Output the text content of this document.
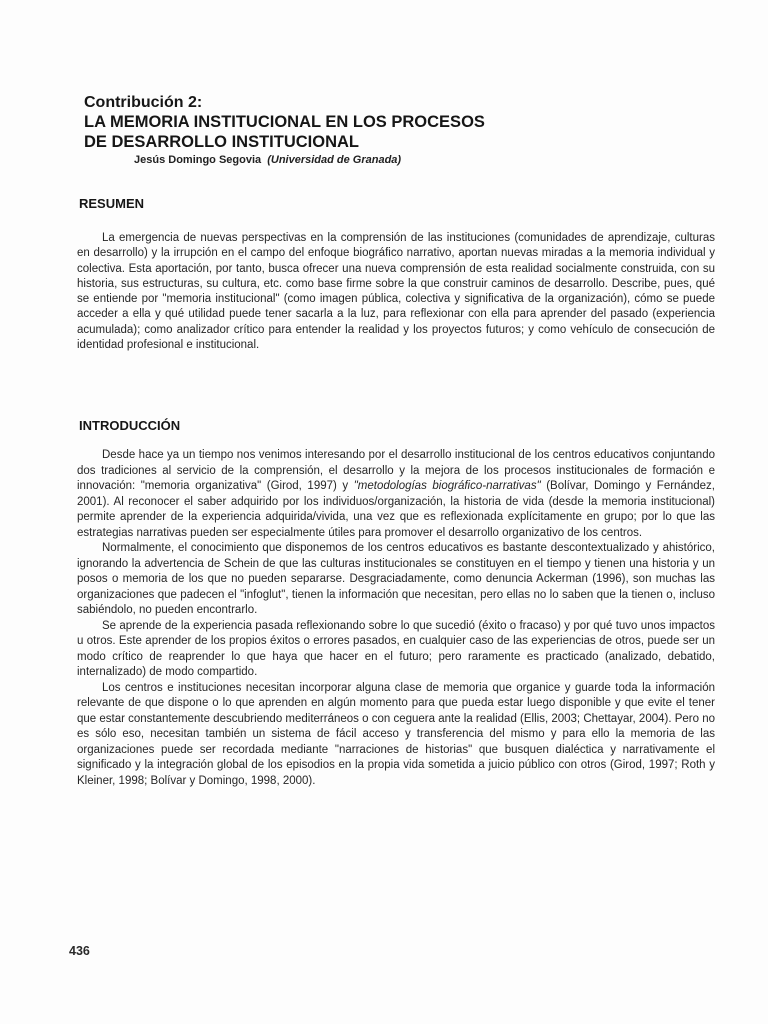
Contribución 2:
LA MEMORIA INSTITUCIONAL EN LOS PROCESOS
DE DESARROLLO INSTITUCIONAL
Jesús Domingo Segovia (Universidad de Granada)
RESUMEN

La emergencia de nuevas perspectivas en la comprensión de las instituciones (comunidades de aprendizaje, culturas en desarrollo) y la irrupción en el campo del enfoque biográfico narrativo, aportan nuevas miradas a la memoria individual y colectiva. Esta aportación, por tanto, busca ofrecer una nueva comprensión de esta realidad socialmente construida, con su historia, sus estructuras, su cultura, etc. como base firme sobre la que construir caminos de desarrollo. Describe, pues, qué se entiende por "memoria institucional" (como imagen pública, colectiva y significativa de la organización), cómo se puede acceder a ella y qué utilidad puede tener sacarla a la luz, para reflexionar con ella para aprender del pasado (experiencia acumulada); como analizador crítico para entender la realidad y los proyectos futuros; y como vehículo de consecución de identidad profesional e institucional.

INTRODUCCIÓN

Desde hace ya un tiempo nos venimos interesando por el desarrollo institucional de los centros educativos conjuntando dos tradiciones al servicio de la comprensión, el desarrollo y la mejora de los procesos institucionales de formación e innovación: "memoria organizativa" (Girod, 1997) y "metodologías biográfico-narrativas" (Bolívar, Domingo y Fernández, 2001). Al reconocer el saber adquirido por los individuos/organización, la historia de vida (desde la memoria institucional) permite aprender de la experiencia adquirida/vivida, una vez que es reflexionada explícitamente en grupo; por lo que las estrategias narrativas pueden ser especialmente útiles para promover el desarrollo organizativo de los centros.

Normalmente, el conocimiento que disponemos de los centros educativos es bastante descontextualizado y ahistórico, ignorando la advertencia de Schein de que las culturas institucionales se constituyen en el tiempo y tienen una historia y un posos o memoria de los que no pueden separarse. Desgraciadamente, como denuncia Ackerman (1996), son muchas las organizaciones que padecen el "infoglut", tienen la información que necesitan, pero ellas no lo saben que la tienen o, incluso sabiéndolo, no pueden encontrarlo.

Se aprende de la experiencia pasada reflexionando sobre lo que sucedió (éxito o fracaso) y por qué tuvo unos impactos u otros. Este aprender de los propios éxitos o errores pasados, en cualquier caso de las experiencias de otros, puede ser un modo crítico de reaprender lo que haya que hacer en el futuro; pero raramente es practicado (analizado, debatido, internalizado) de modo compartido.

Los centros e instituciones necesitan incorporar alguna clase de memoria que organice y guarde toda la información relevante de que dispone o lo que aprenden en algún momento para que pueda estar luego disponible y que evite el tener que estar constantemente descubriendo mediterráneos o con ceguera ante la realidad (Ellis, 2003; Chettayar, 2004). Pero no es sólo eso, necesitan también un sistema de fácil acceso y transferencia del mismo y para ello la memoria de las organizaciones puede ser recordada mediante "narraciones de historias" que busquen dialéctica y narrativamente el significado y la integración global de los episodios en la propia vida sometida a juicio público con otros (Girod, 1997; Roth y Kleiner, 1998; Bolívar y Domingo, 1998, 2000).

436
